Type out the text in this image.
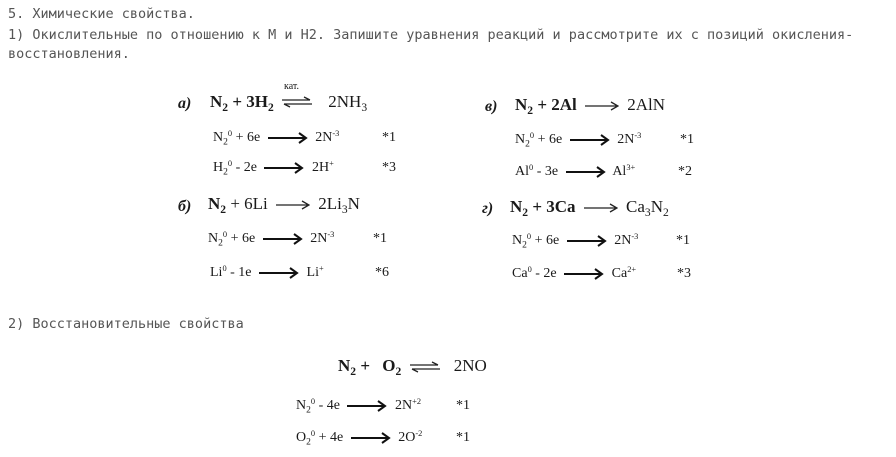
5. Химические свойства.
1) Окислительные по отношению к М и Н2. Запишите уравнения реакций и рассмотрите их с позиций окисления-
восстановления.
а) $N_2 + 3H_2$
кат.
$2NH_3$
$N_2^0 + 6e$	$2N^{-3}$	*1
$H_2^0 - 2e$	2H+	*3
в) $N_2 + 2Al$	2AlN
$N_2^0 + 6e$	$2N^{-3}$	*1
Al$^0$ - 3e	$Al^{3+}$	*2
б) $N_2 + 6Li$	$2Li_3N$
$N_2^0 + 6e$	$2N^{-3}$	*1
Li$^0$ - 1e	Li+	*6
г) $N_2 + 3Ca$	$Ca_3N_2$
$N_2^0 + 6e$	$2N^{-3}$	*1
Ca$^0$ - 2e	$Ca^{2+}$	*3
2) Восстановительные свойства
$N_2 + O_2$	2NO
$N_2^0 - 4e$	$2N^{+2}$ *1
$O_2^0 + 4e$	$2O^{-2}$ *1
